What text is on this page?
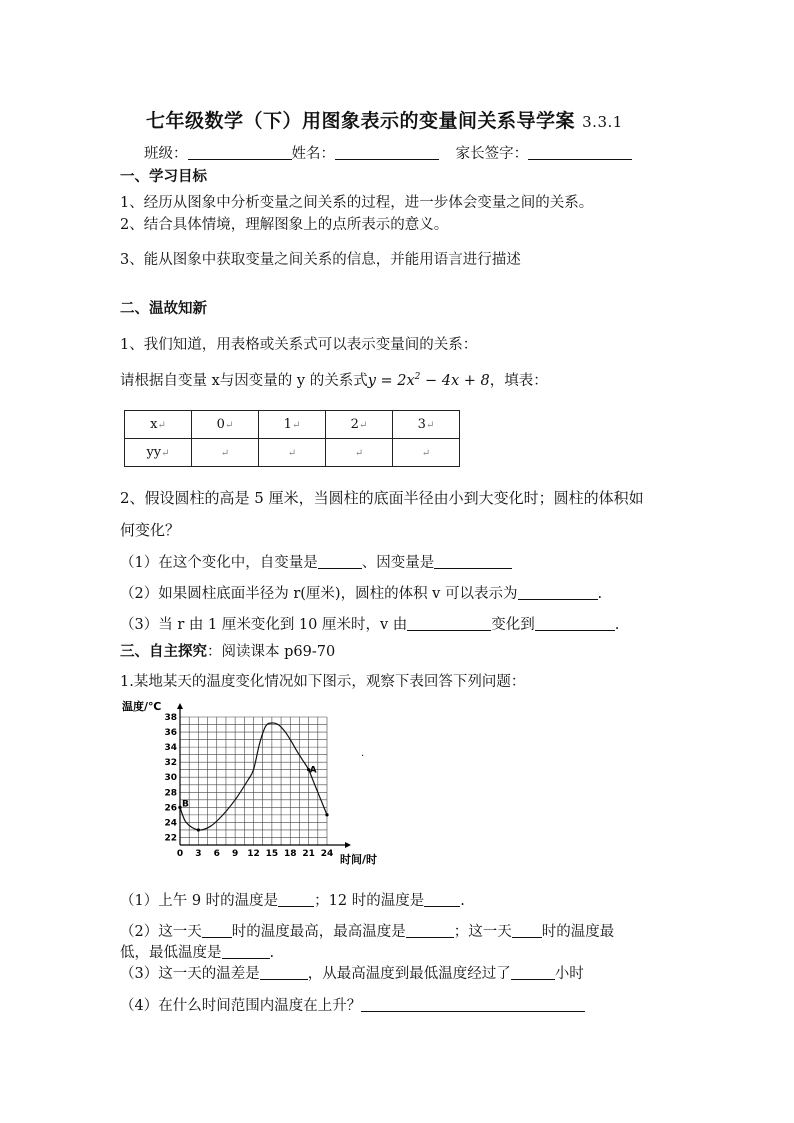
七年级数学（下）用图象表示的变量间关系导学案 3.3.1
班级：	姓名：	家长签字：
一、学习目标
1、经历从图象中分析变量之间关系的过程，进一步体会变量之间的关系。
2、结合具体情境，理解图象上的点所表示的意义。
3、能从图象中获取变量之间关系的信息，并能用语言进行描述
二、温故知新
1、我们知道，用表格或关系式可以表示变量间的关系：
请根据自变量 x与因变量的 y 的关系式$y = 2x^2 - 4x + 8$，填表：
x↵	0↵	1↵	2↵	3↵
yy↵	↵	↵	↵	↵
2、假设圆柱的高是 5 厘米，当圆柱的底面半径由小到大变化时；圆柱的体积如
何变化？
（1）在这个变化中，自变量是	、因变量是
（2）如果圆柱底面半径为 r(厘米)，圆柱的体积 v 可以表示为	.
（3）当 r 由 1 厘米变化到 10 厘米时，v 由	变化到	.
三、自主探究：阅读课本 p69-70
1.某地某天的温度变化情况如下图示，观察下表回答下列问题：
0 3 6 9 12 15 18 21 24
22
24
26
28
30
32
34
36
38
A
B
温度/℃
时间/时
·
（1）上午 9 时的温度是 ；12 时的温度是 .
（2）这一天 时的温度最高，最高温度是	；这一天 时的温度最
低，最低温度是	.
（3）这一天的温差是	，从最高温度到最低温度经过了	小时
（4）在什么时间范围内温度在上升？
